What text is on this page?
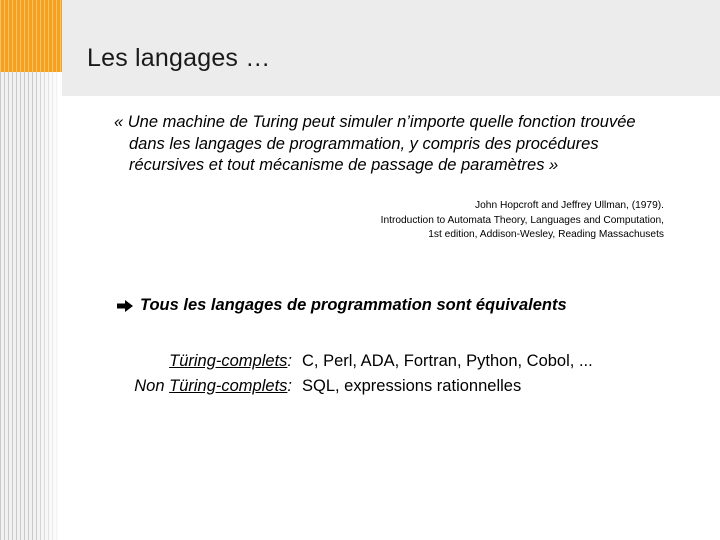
Les langages …
« Une machine de Turing peut simuler n’importe quelle fonction trouvée dans les langages de programmation, y compris des procédures récursives et tout mécanisme de passage de paramètres »
John Hopcroft and Jeffrey Ullman, (1979).
Introduction to Automata Theory, Languages and Computation,
1st edition, Addison-Wesley, Reading Massachusets
Tous les langages de programmation sont équivalents
Türing-complets: C, Perl, ADA, Fortran, Python, Cobol, ...
Non Türing-complets: SQL, expressions rationnelles
